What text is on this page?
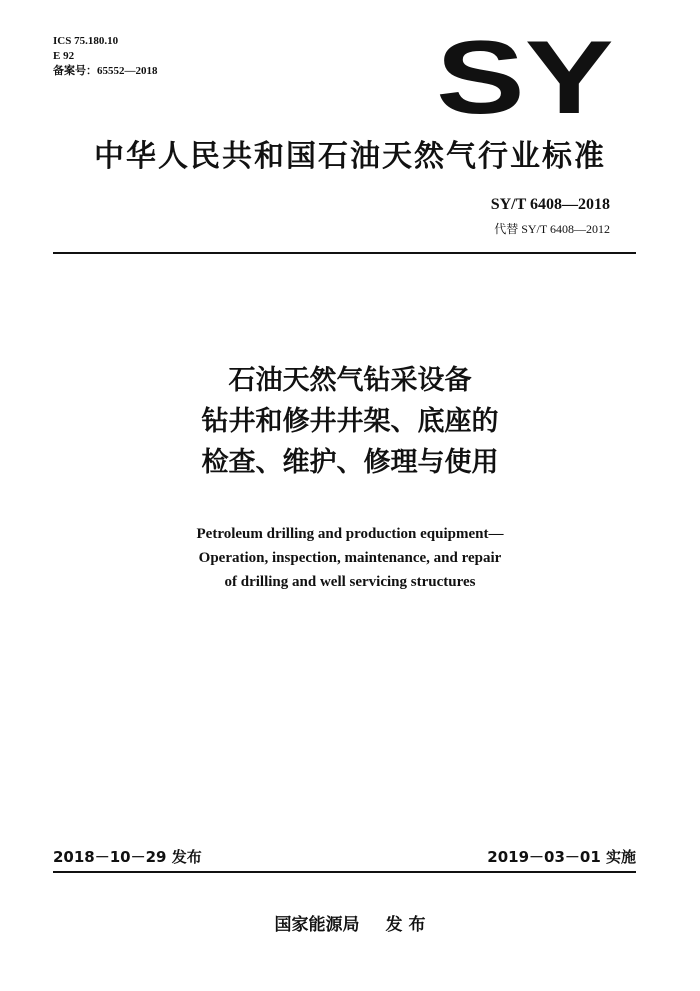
ICS 75.180.10
E 92
备案号：65552—2018	SY
中华人民共和国石油天然气行业标准
SY/T 6408—2018
代替 SY/T 6408—2012
石油天然气钻采设备
钻井和修井井架、底座的
检查、维护、修理与使用
Petroleum drilling and production equipment—
Operation, inspection, maintenance, and repair
of drilling and well servicing structures
2018－10－29 发布	2019－03－01 实施
国家能源局 发 布
